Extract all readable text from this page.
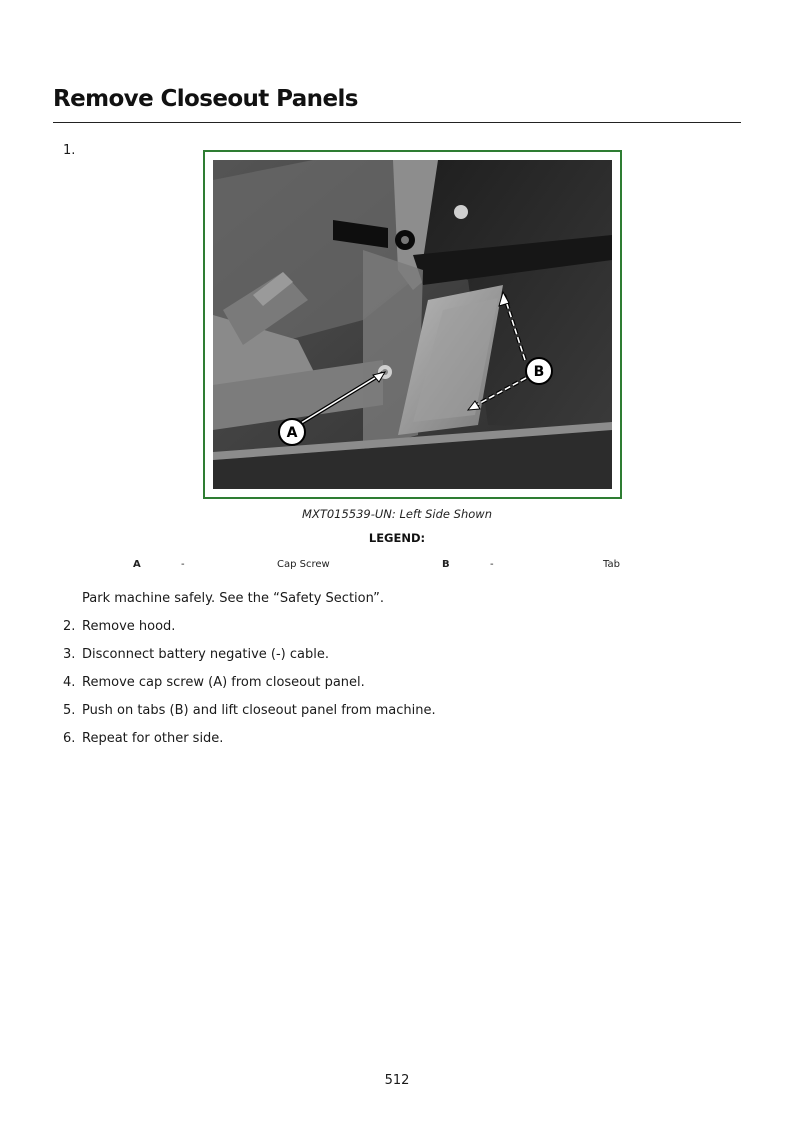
Remove Closeout Panels
1.
A
B
MXT015539-UN: Left Side Shown
LEGEND:
A	-	Cap Screw	B	-	Tab
Park machine safely. See the “Safety Section”.
2. Remove hood.
3. Disconnect battery negative (-) cable.
4. Remove cap screw (A) from closeout panel.
5. Push on tabs (B) and lift closeout panel from machine.
6. Repeat for other side.
512
